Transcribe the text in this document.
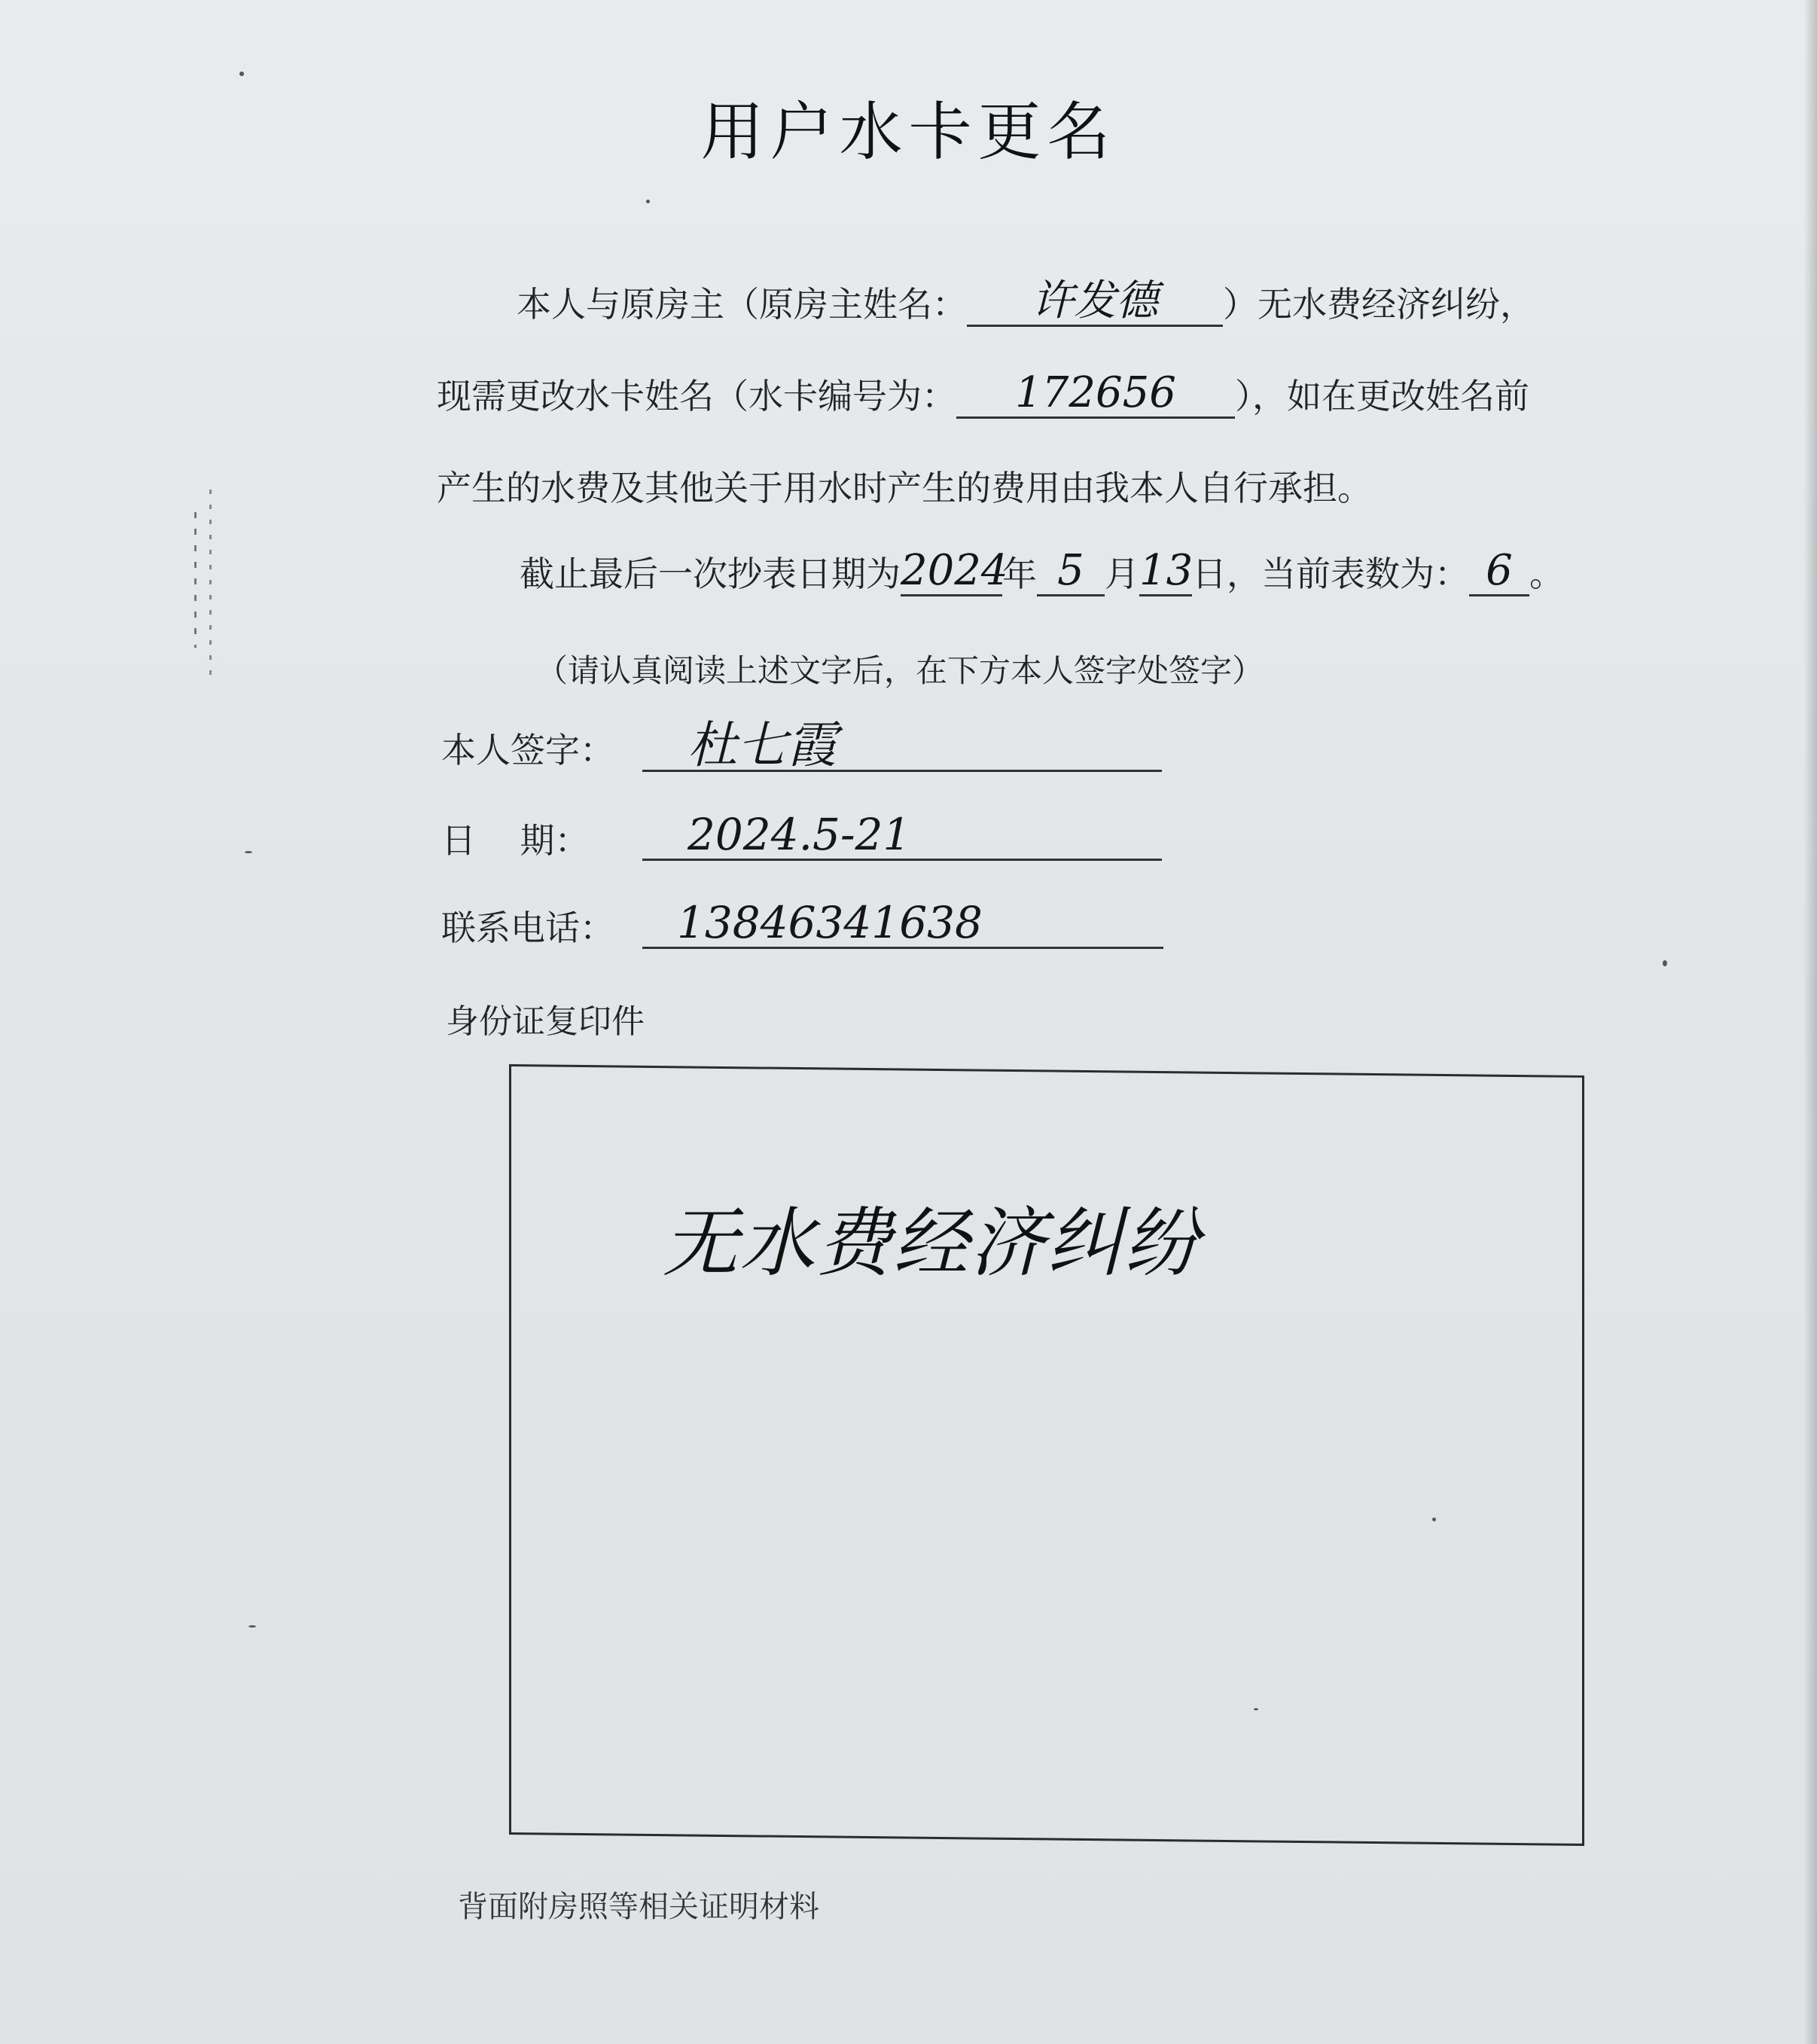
用户水卡更名
本人与原房主（原房主姓名： 许发德 ）无水费经济纠纷，
现需更改水卡姓名（水卡编号为： 172656 ），如在更改姓名前
产生的水费及其他关于用水时产生的费用由我本人自行承担。
截止最后一次抄表日期为2024年 5 月13日，当前表数为： 6 。
（请认真阅读上述文字后，在下方本人签字处签字）
本人签字：	杜七霞
日    期：	2024.5-21
联系电话：	13846341638
身份证复印件
无水费经济纠纷
背面附房照等相关证明材料
